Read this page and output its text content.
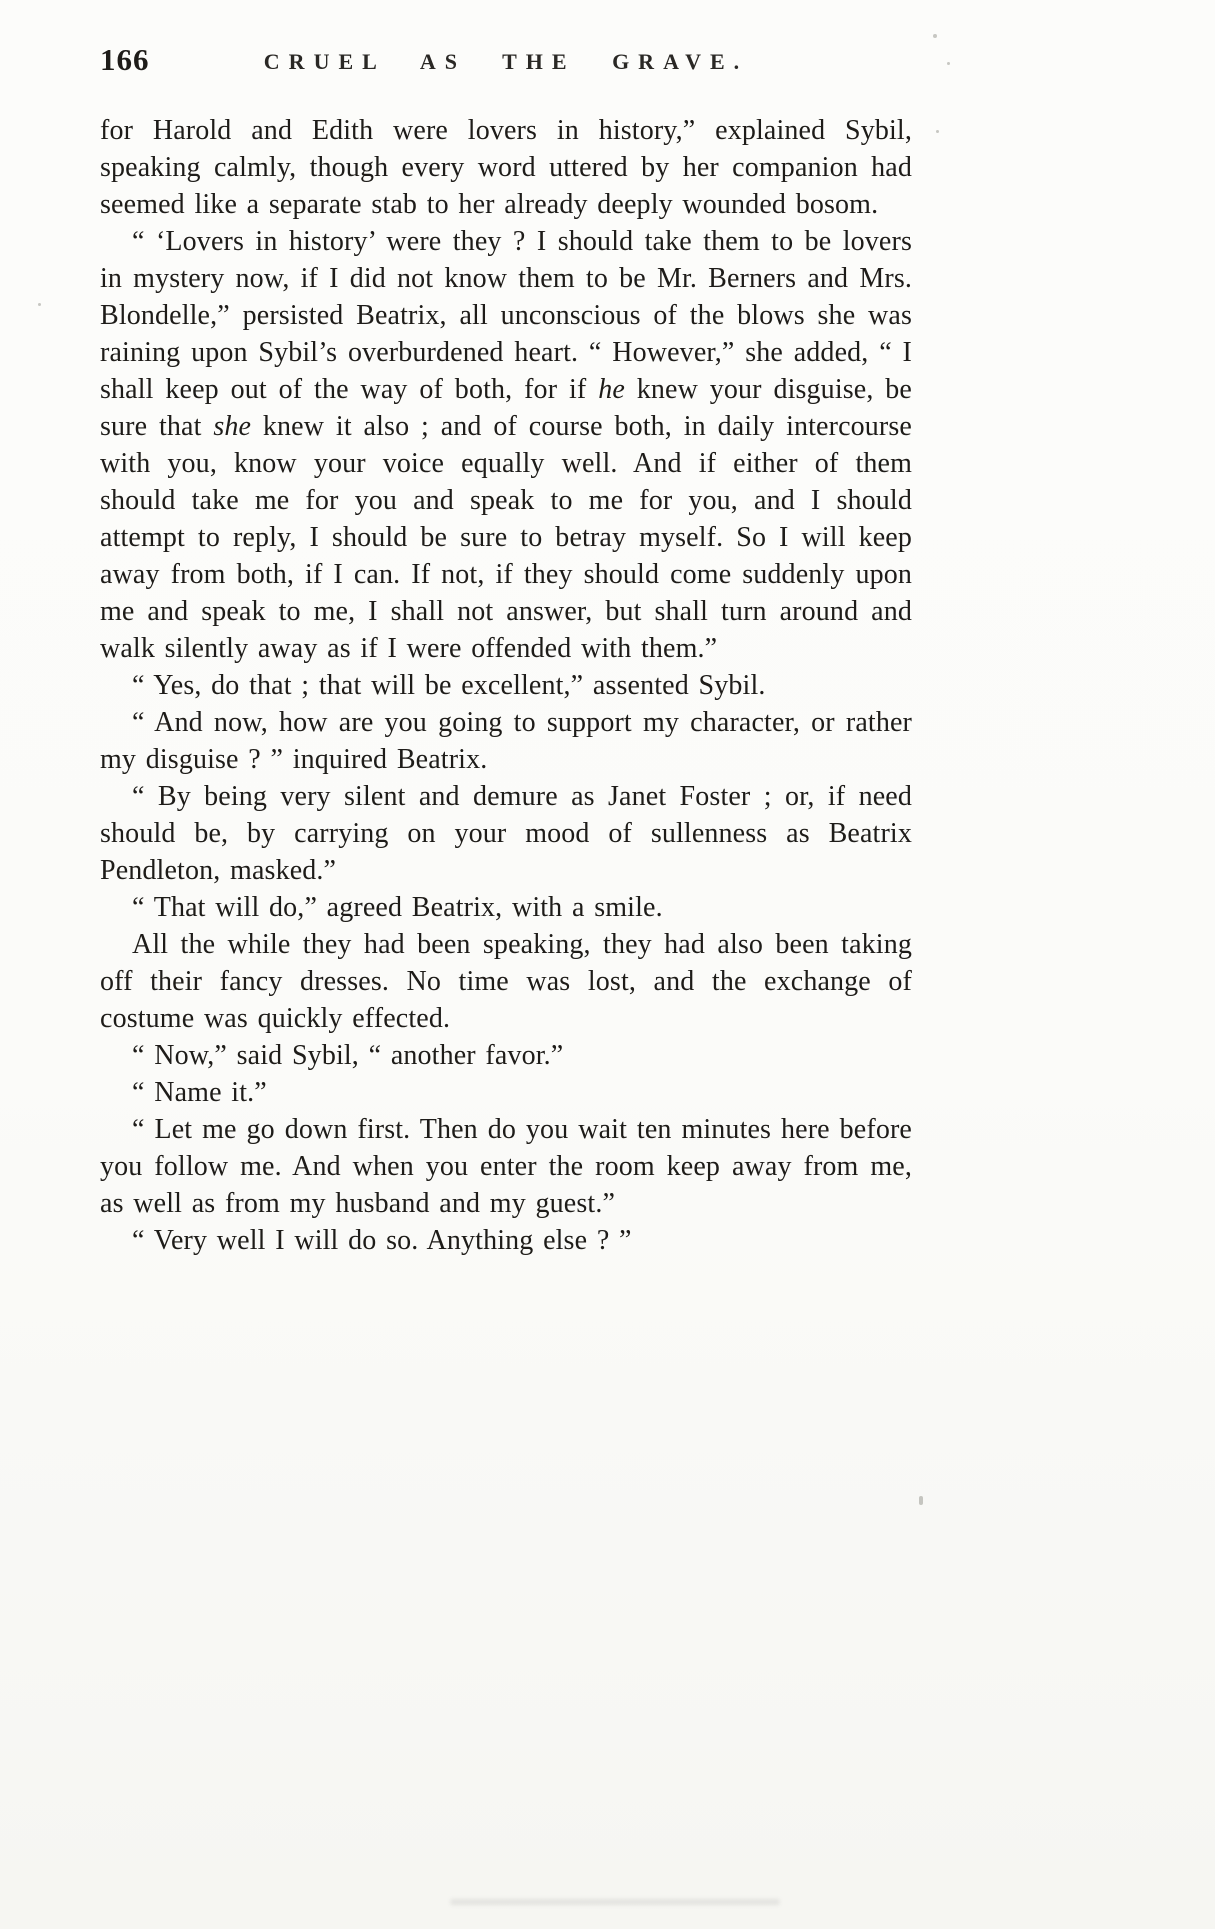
166	CRUEL AS THE GRAVE.

for Harold and Edith were lovers in history,” explained Sybil, speaking calmly, though every word uttered by her companion had seemed like a separate stab to her already deeply wounded bosom.

“ ‘Lovers in history’ were they ? I should take them to be lovers in mystery now, if I did not know them to be Mr. Berners and Mrs. Blondelle,” persisted Beatrix, all unconscious of the blows she was raining upon Sybil’s overburdened heart. “ However,” she added, “ I shall keep out of the way of both, for if he knew your disguise, be sure that she knew it also ; and of course both, in daily intercourse with you, know your voice equally well. And if either of them should take me for you and speak to me for you, and I should attempt to reply, I should be sure to betray myself. So I will keep away from both, if I can. If not, if they should come suddenly upon me and speak to me, I shall not answer, but shall turn around and walk silently away as if I were offended with them.”

“ Yes, do that ; that will be excellent,” assented Sybil.

“ And now, how are you going to support my character, or rather my disguise ? ” inquired Beatrix.

“ By being very silent and demure as Janet Foster ; or, if need should be, by carrying on your mood of sullenness as Beatrix Pendleton, masked.”

“ That will do,” agreed Beatrix, with a smile.

All the while they had been speaking, they had also been taking off their fancy dresses. No time was lost, and the exchange of costume was quickly effected.

“ Now,” said Sybil, “ another favor.”

“ Name it.”

“ Let me go down first. Then do you wait ten minutes here before you follow me. And when you enter the room keep away from me, as well as from my husband and my guest.”

“ Very well I will do so. Anything else ? ”
